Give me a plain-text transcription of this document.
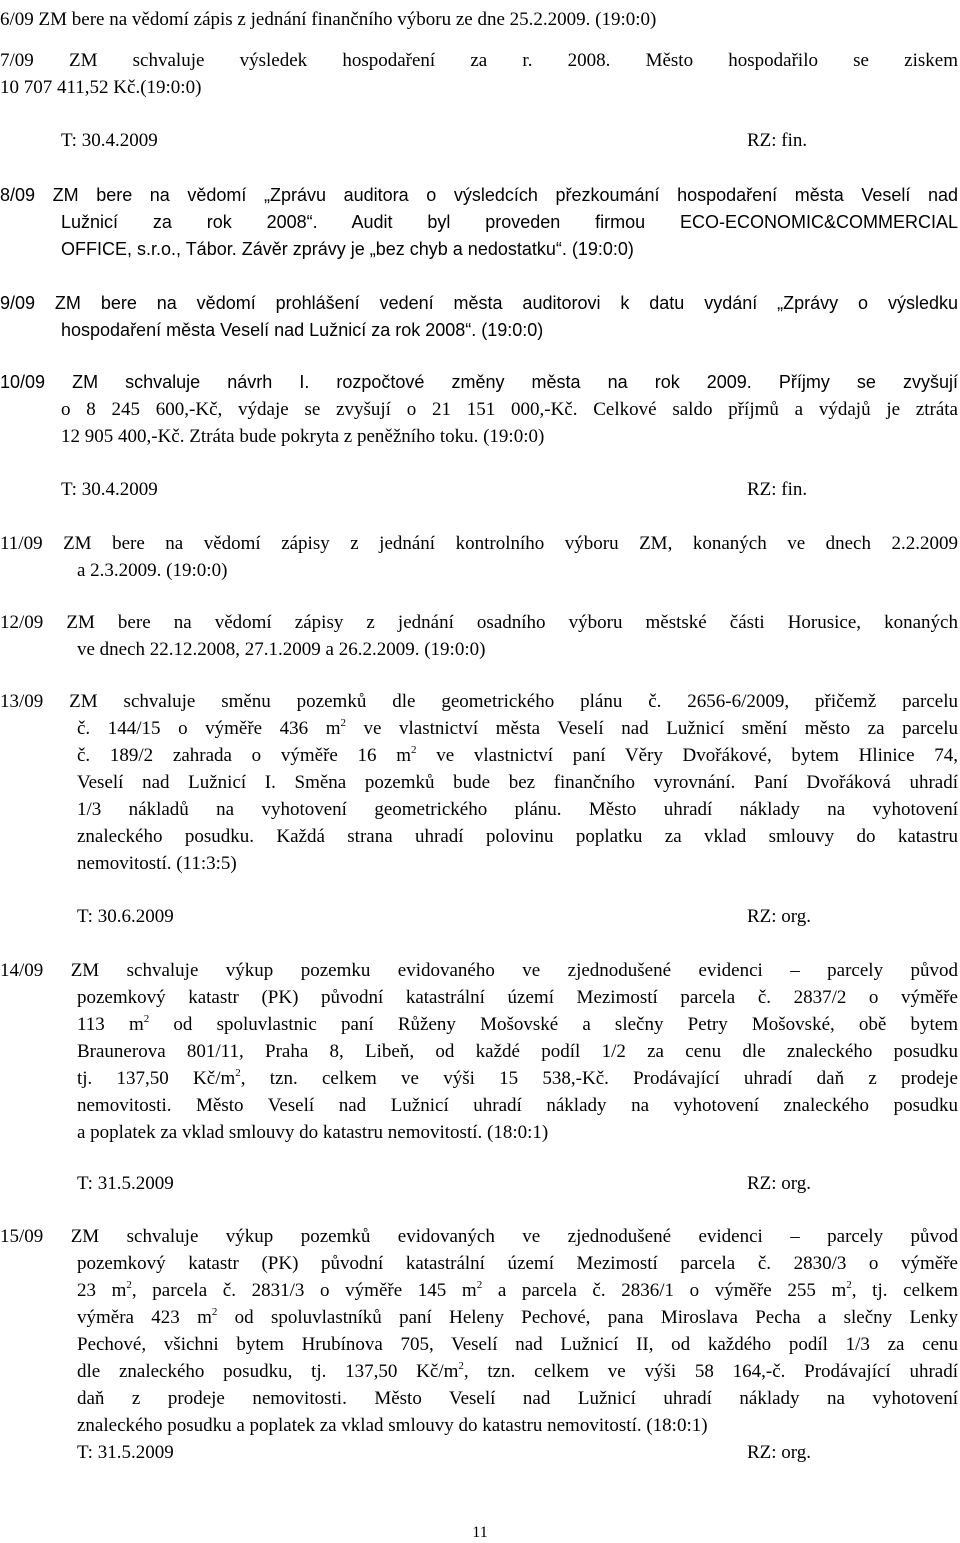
6/09 ZM bere na vědomí zápis z jednání finančního výboru ze dne 25.2.2009. (19:0:0)
7/09 ZM schvaluje výsledek hospodaření za r. 2008. Město hospodařilo se ziskem
10 707 411,52 Kč.(19:0:0)
T: 30.4.2009	RZ: fin.
8/09 ZM bere na vědomí „Zprávu auditora o výsledcích přezkoumání hospodaření města Veselí nad
Lužnicí za rok 2008“. Audit byl proveden firmou ECO-ECONOMIC&COMMERCIAL
OFFICE, s.r.o., Tábor. Závěr zprávy je „bez chyb a nedostatku“. (19:0:0)
9/09 ZM bere na vědomí prohlášení vedení města auditorovi k datu vydání „Zprávy o výsledku
hospodaření města Veselí nad Lužnicí za rok 2008“. (19:0:0)
10/09 ZM schvaluje návrh I. rozpočtové změny města na rok 2009. Příjmy se zvyšují
o 8 245 600,-Kč, výdaje se zvyšují o 21 151 000,-Kč. Celkové saldo příjmů a výdajů je ztráta
12 905 400,-Kč. Ztráta bude pokryta z peněžního toku. (19:0:0)
T: 30.4.2009	RZ: fin.
11/09 ZM bere na vědomí zápisy z jednání kontrolního výboru ZM, konaných ve dnech 2.2.2009
a 2.3.2009. (19:0:0)
12/09 ZM bere na vědomí zápisy z jednání osadního výboru městské části Horusice, konaných
ve dnech 22.12.2008, 27.1.2009 a 26.2.2009. (19:0:0)
13/09 ZM schvaluje směnu pozemků dle geometrického plánu č. 2656-6/2009, přičemž parcelu
č. 144/15 o výměře 436 $m^2$ ve vlastnictví města Veselí nad Lužnicí smění město za parcelu
č. 189/2 zahrada o výměře 16 $m^2$ ve vlastnictví paní Věry Dvořákové, bytem Hlinice 74,
Veselí nad Lužnicí I. Směna pozemků bude bez finančního vyrovnání. Paní Dvořáková uhradí
1/3 nákladů na vyhotovení geometrického plánu. Město uhradí náklady na vyhotovení
znaleckého posudku. Každá strana uhradí polovinu poplatku za vklad smlouvy do katastru
nemovitostí. (11:3:5)
T: 30.6.2009	RZ: org.
14/09 ZM schvaluje výkup pozemku evidovaného ve zjednodušené evidenci – parcely původ
pozemkový katastr (PK) původní katastrální území Mezimostí parcela č. 2837/2 o výměře
113 $m^2$ od spoluvlastnic paní Růženy Mošovské a slečny Petry Mošovské, obě bytem
Braunerova 801/11, Praha 8, Libeň, od každé podíl 1/2 za cenu dle znaleckého posudku
tj. 137,50 $Kč/m^2$, tzn. celkem ve výši 15 538,-Kč. Prodávající uhradí daň z prodeje
nemovitosti. Město Veselí nad Lužnicí uhradí náklady na vyhotovení znaleckého posudku
a poplatek za vklad smlouvy do katastru nemovitostí. (18:0:1)
T: 31.5.2009	RZ: org.
15/09 ZM schvaluje výkup pozemků evidovaných ve zjednodušené evidenci – parcely původ
pozemkový katastr (PK) původní katastrální území Mezimostí parcela č. 2830/3 o výměře
23 $m^2$, parcela č. 2831/3 o výměře 145 $m^2$ a parcela č. 2836/1 o výměře 255 $m^2$, tj. celkem
výměra 423 $m^2$ od spoluvlastníků paní Heleny Pechové, pana Miroslava Pecha a slečny Lenky
Pechové, všichni bytem Hrubínova 705, Veselí nad Lužnicí II, od každého podíl 1/3 za cenu
dle znaleckého posudku, tj. 137,50 $Kč/m^2$, tzn. celkem ve výši 58 164,-č. Prodávající uhradí
daň z prodeje nemovitosti. Město Veselí nad Lužnicí uhradí náklady na vyhotovení
znaleckého posudku a poplatek za vklad smlouvy do katastru nemovitostí. (18:0:1)
T: 31.5.2009	RZ: org.
11
